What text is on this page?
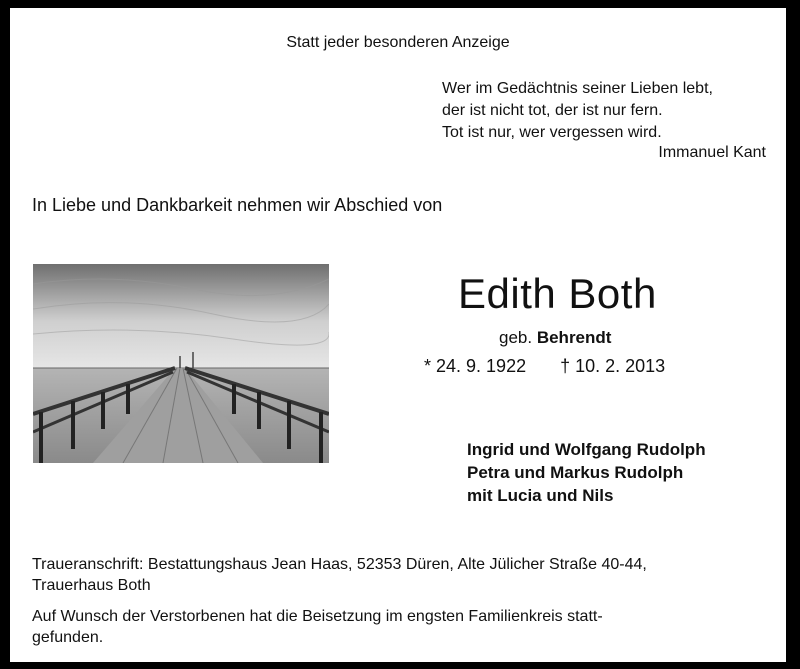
Statt jeder besonderen Anzeige
Wer im Gedächtnis seiner Lieben lebt,
der ist nicht tot, der ist nur fern.
Tot ist nur, wer vergessen wird.
Immanuel Kant
In Liebe und Dankbarkeit nehmen wir Abschied von
Edith Both
geb. Behrendt
* 24. 9. 1922 † 10. 2. 2013
Ingrid und Wolfgang Rudolph
Petra und Markus Rudolph
mit Lucia und Nils
Traueranschrift: Bestattungshaus Jean Haas, 52353 Düren, Alte Jülicher Straße 40-44,
Trauerhaus Both
Auf Wunsch der Verstorbenen hat die Beisetzung im engsten Familienkreis statt-
gefunden.
